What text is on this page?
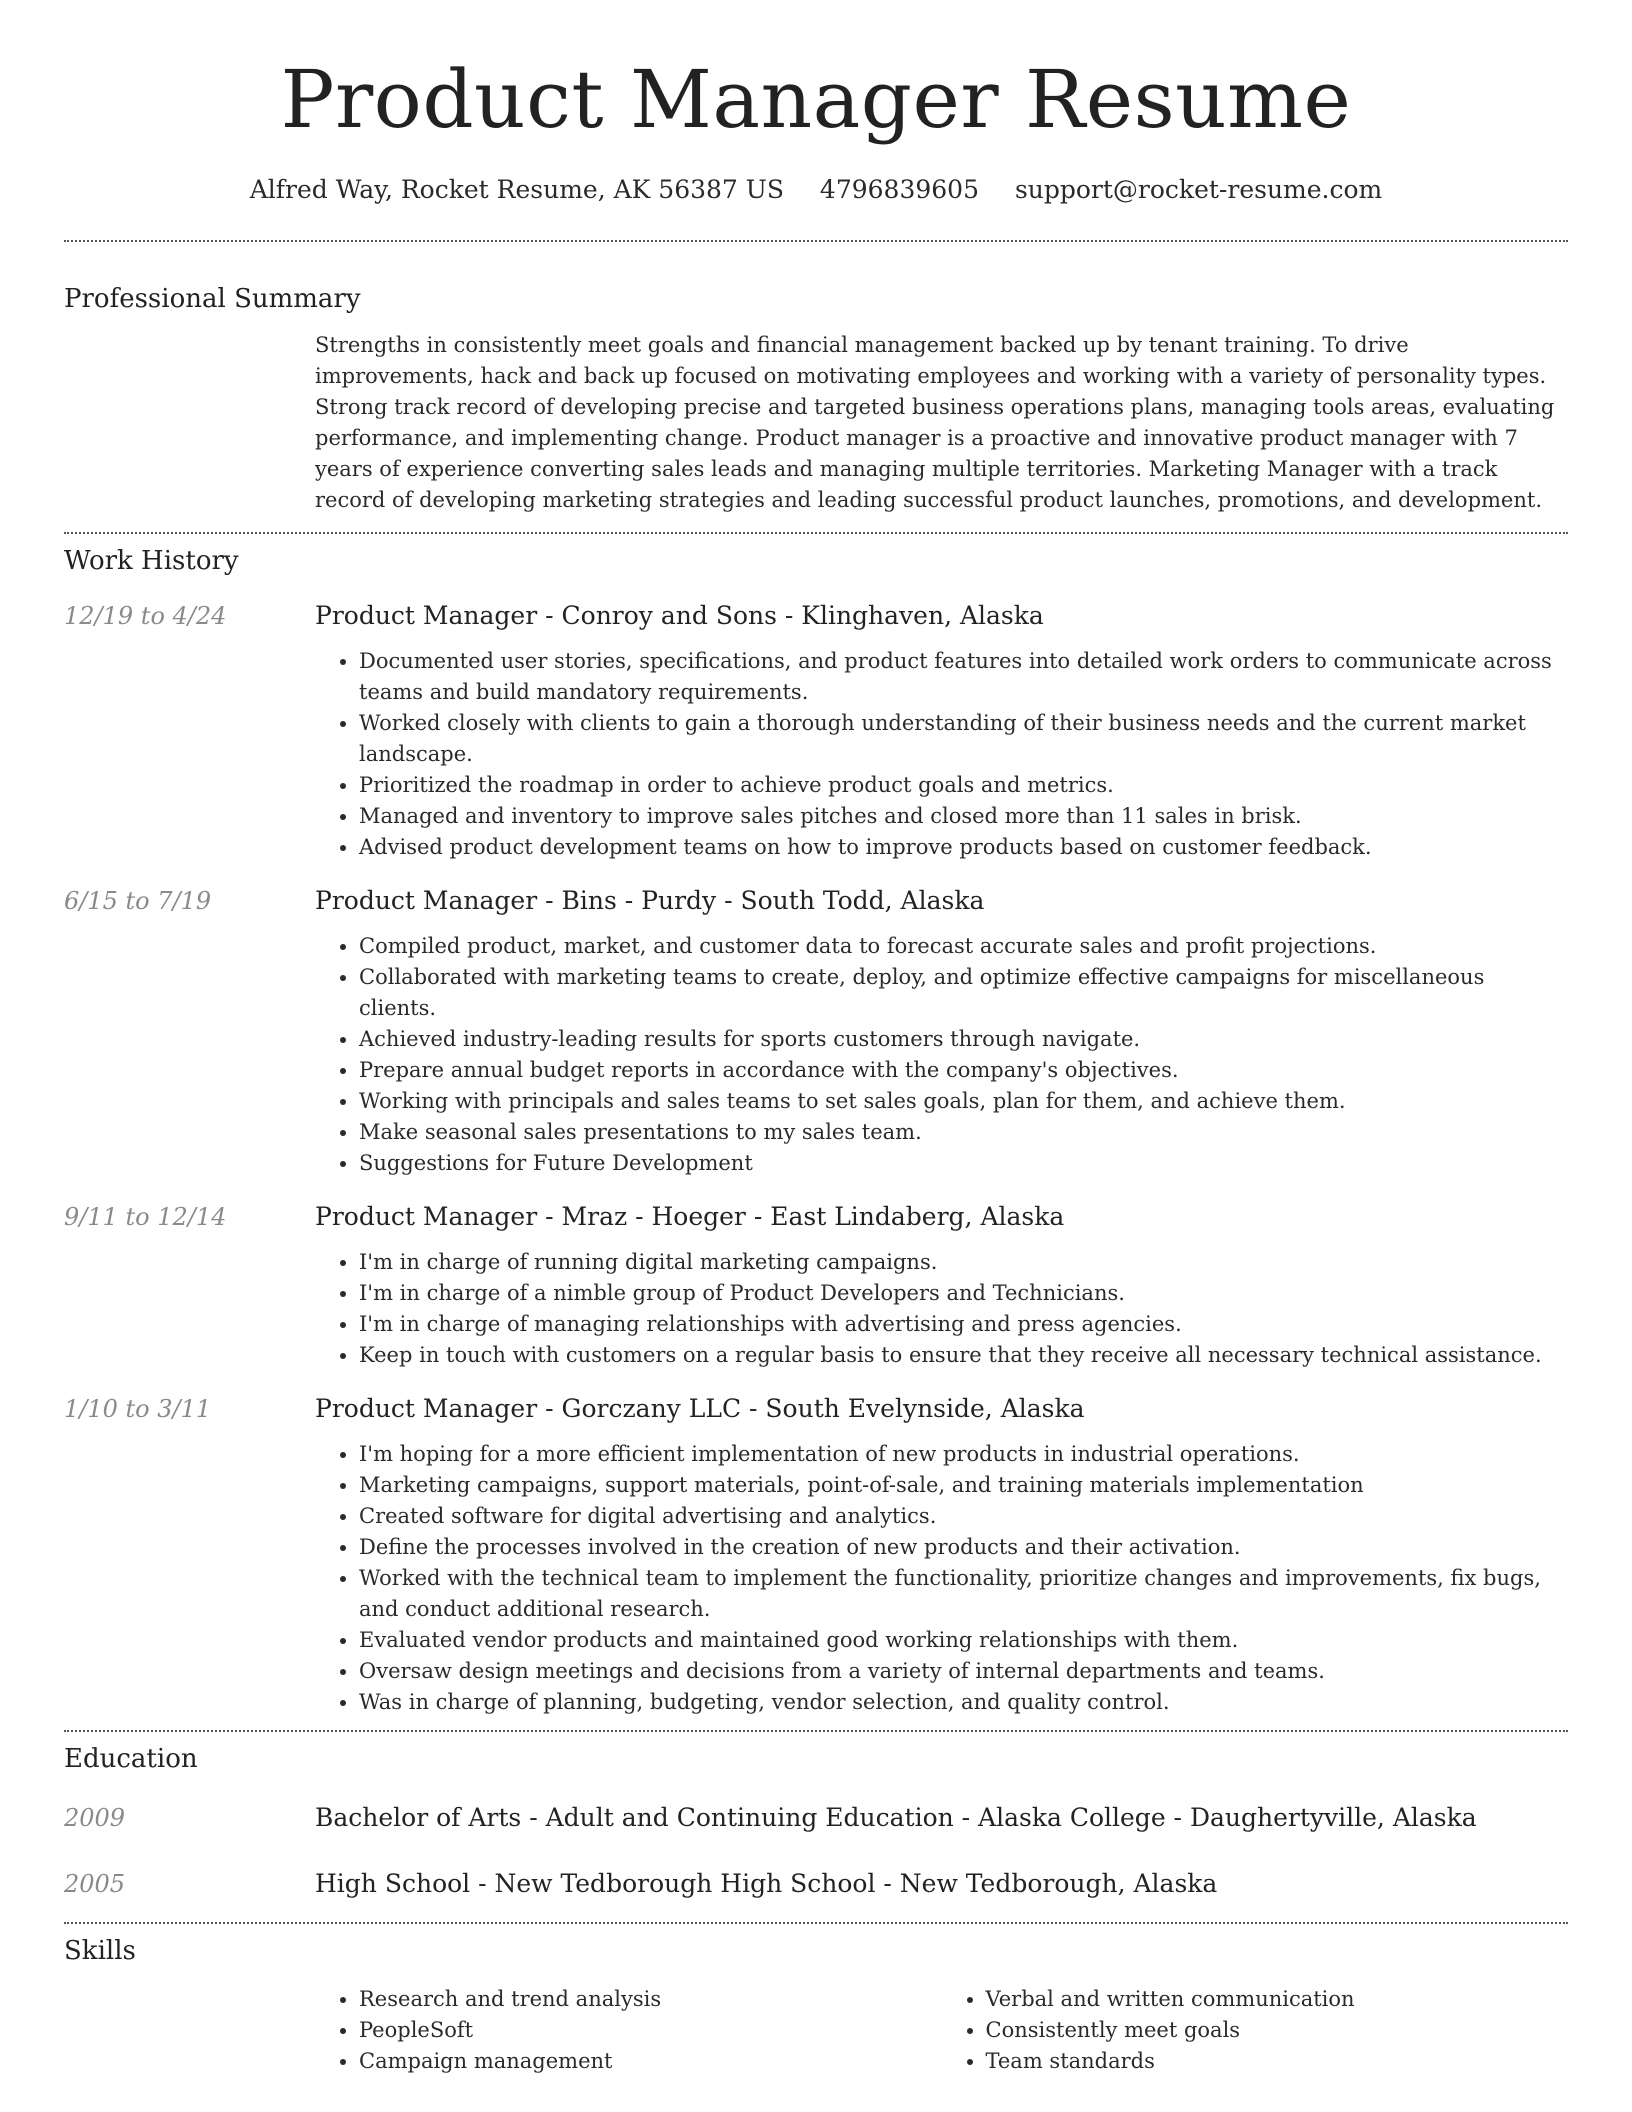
Product Manager Resume
Alfred Way, Rocket Resume, AK 56387 US 4796839605 support@rocket-resume.com
Professional Summary
Strengths in consistently meet goals and financial management backed up by tenant training. To drive improvements, hack and back up focused on motivating employees and working with a variety of personality types. Strong track record of developing precise and targeted business operations plans, managing tools areas, evaluating performance, and implementing change. Product manager is a proactive and innovative product manager with 7 years of experience converting sales leads and managing multiple territories. Marketing Manager with a track record of developing marketing strategies and leading successful product launches, promotions, and development.
Work History
12/19 to 4/24	Product Manager - Conroy and Sons - Klinghaven, Alaska
• Documented user stories, specifications, and product features into detailed work orders to communicate across teams and build mandatory requirements.
• Worked closely with clients to gain a thorough understanding of their business needs and the current market landscape.
• Prioritized the roadmap in order to achieve product goals and metrics.
• Managed and inventory to improve sales pitches and closed more than 11 sales in brisk.
• Advised product development teams on how to improve products based on customer feedback.
6/15 to 7/19	Product Manager - Bins - Purdy - South Todd, Alaska
• Compiled product, market, and customer data to forecast accurate sales and profit projections.
• Collaborated with marketing teams to create, deploy, and optimize effective campaigns for miscellaneous clients.
• Achieved industry-leading results for sports customers through navigate.
• Prepare annual budget reports in accordance with the company's objectives.
• Working with principals and sales teams to set sales goals, plan for them, and achieve them.
• Make seasonal sales presentations to my sales team.
• Suggestions for Future Development
9/11 to 12/14	Product Manager - Mraz - Hoeger - East Lindaberg, Alaska
• I'm in charge of running digital marketing campaigns.
• I'm in charge of a nimble group of Product Developers and Technicians.
• I'm in charge of managing relationships with advertising and press agencies.
• Keep in touch with customers on a regular basis to ensure that they receive all necessary technical assistance.
1/10 to 3/11	Product Manager - Gorczany LLC - South Evelynside, Alaska
• I'm hoping for a more efficient implementation of new products in industrial operations.
• Marketing campaigns, support materials, point-of-sale, and training materials implementation
• Created software for digital advertising and analytics.
• Define the processes involved in the creation of new products and their activation.
• Worked with the technical team to implement the functionality, prioritize changes and improvements, fix bugs, and conduct additional research.
• Evaluated vendor products and maintained good working relationships with them.
• Oversaw design meetings and decisions from a variety of internal departments and teams.
• Was in charge of planning, budgeting, vendor selection, and quality control.
Education
2009	Bachelor of Arts - Adult and Continuing Education - Alaska College - Daughertyville, Alaska
2005	High School - New Tedborough High School - New Tedborough, Alaska
Skills
• Research and trend analysis
• PeopleSoft
• Campaign management
• Verbal and written communication
• Consistently meet goals
• Team standards
